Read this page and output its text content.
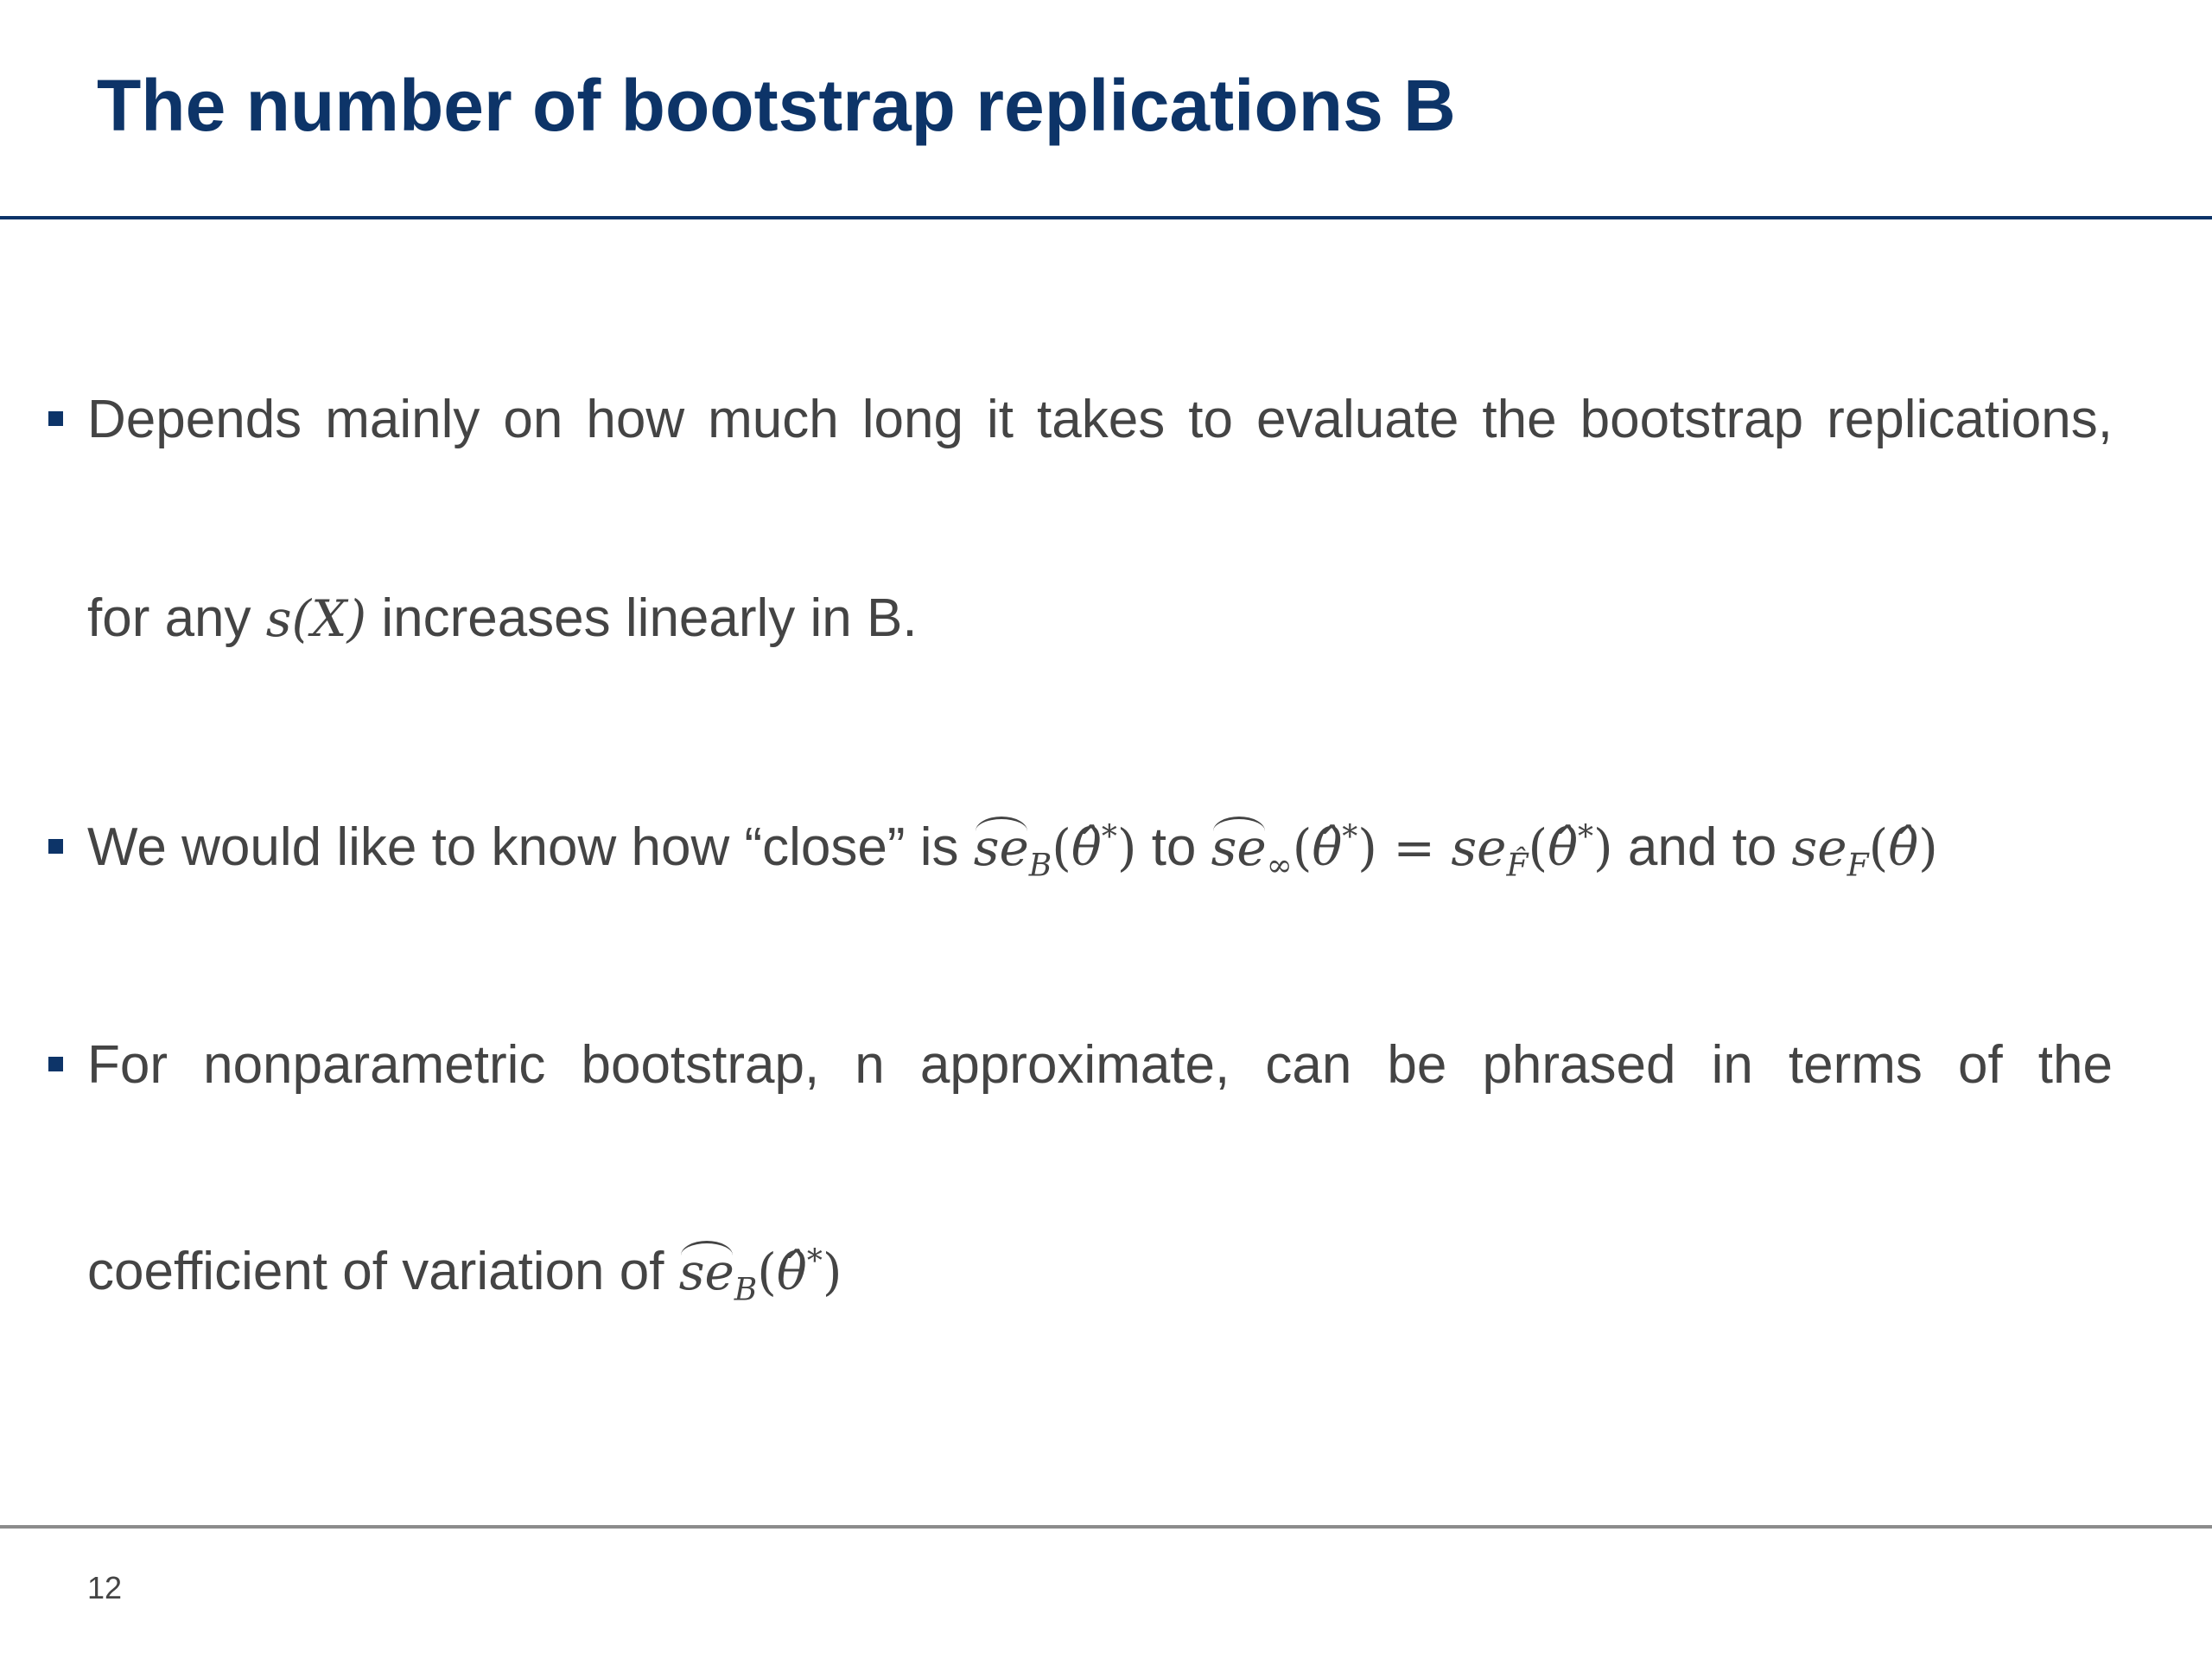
The number of bootstrap replications B
Depends mainly on how much long it takes to evaluate the bootstrap replications,
for any s(X) increases linearly in B.
We would like to know how “close” is $se_B(\thetâ^*)$ to $se_\infty(\thetâ^*)$ = $se_{F̂}(\thetâ^*)$ and to $se_F(\thetâ)$
For nonparametric bootstrap, n approximate, can be phrased in terms of the
coefficient of variation of $se_B(\thetâ^*)$
12
